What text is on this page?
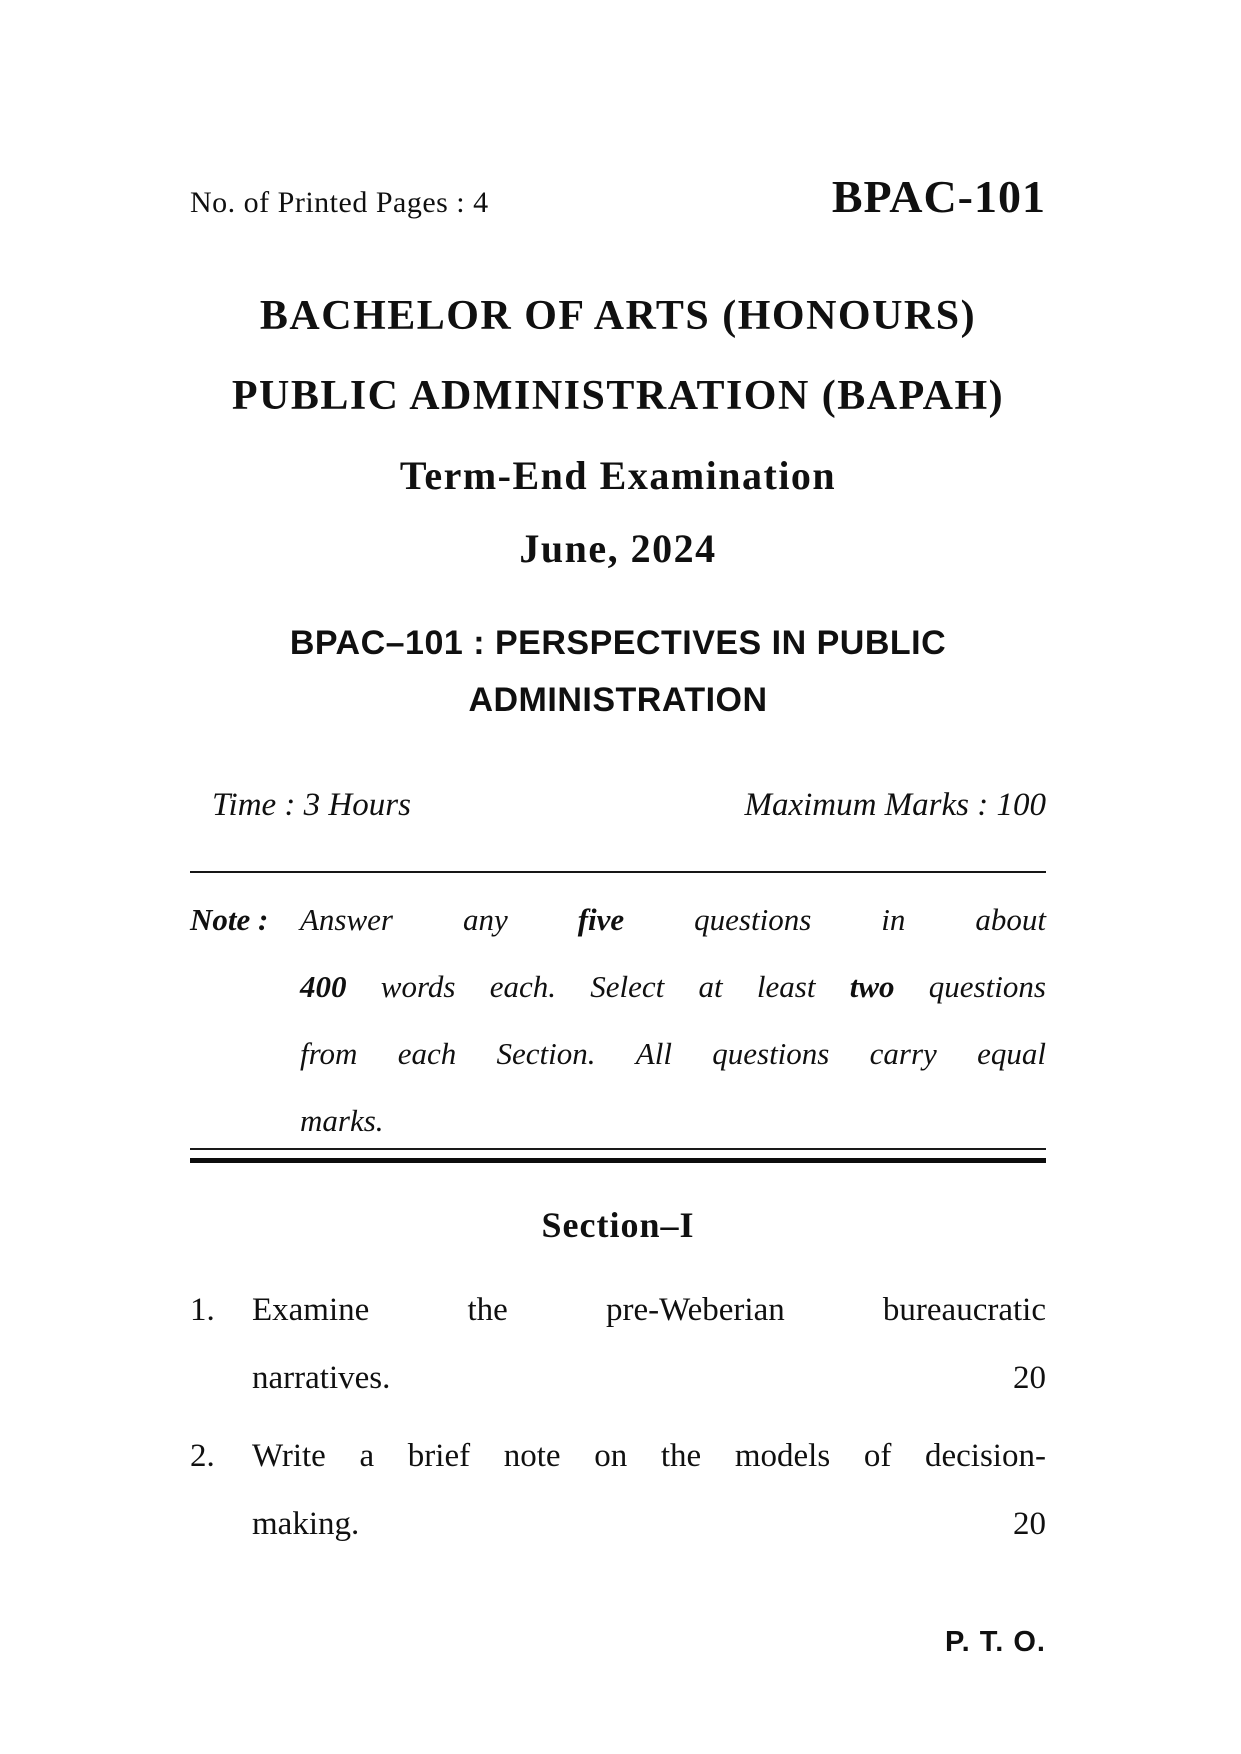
No. of Printed Pages : 4	BPAC-101
BACHELOR OF ARTS (HONOURS)
PUBLIC ADMINISTRATION (BAPAH)
Term-End Examination
June, 2024
BPAC–101 : PERSPECTIVES IN PUBLIC
ADMINISTRATION
Time : 3 Hours	Maximum Marks : 100
Note :	Answer any five questions in about
400 words each. Select at least two questions
from each Section. All questions carry equal
marks.
Section–I
1.	Examine	the	pre-Weberian	bureaucratic
narratives.	20
2.	Write a brief note on the models of decision-
making.	20
P. T. O.
